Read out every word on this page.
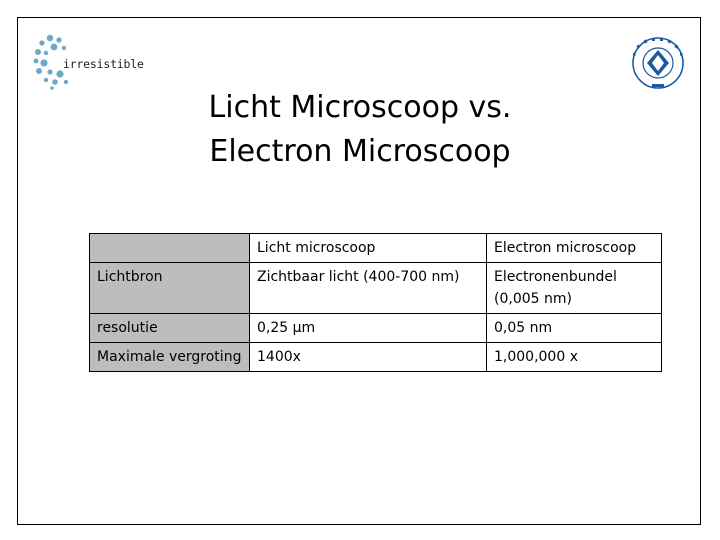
irresistible
Licht Microscoop vs.
Electron Microscoop
	Licht microscoop	Electron microscoop
Lichtbron	Zichtbaar licht (400-700 nm)	Electronenbundel (0,005 nm)
resolutie	0,25 µm	0,05 nm
Maximale vergroting	1400x	1,000,000 x
